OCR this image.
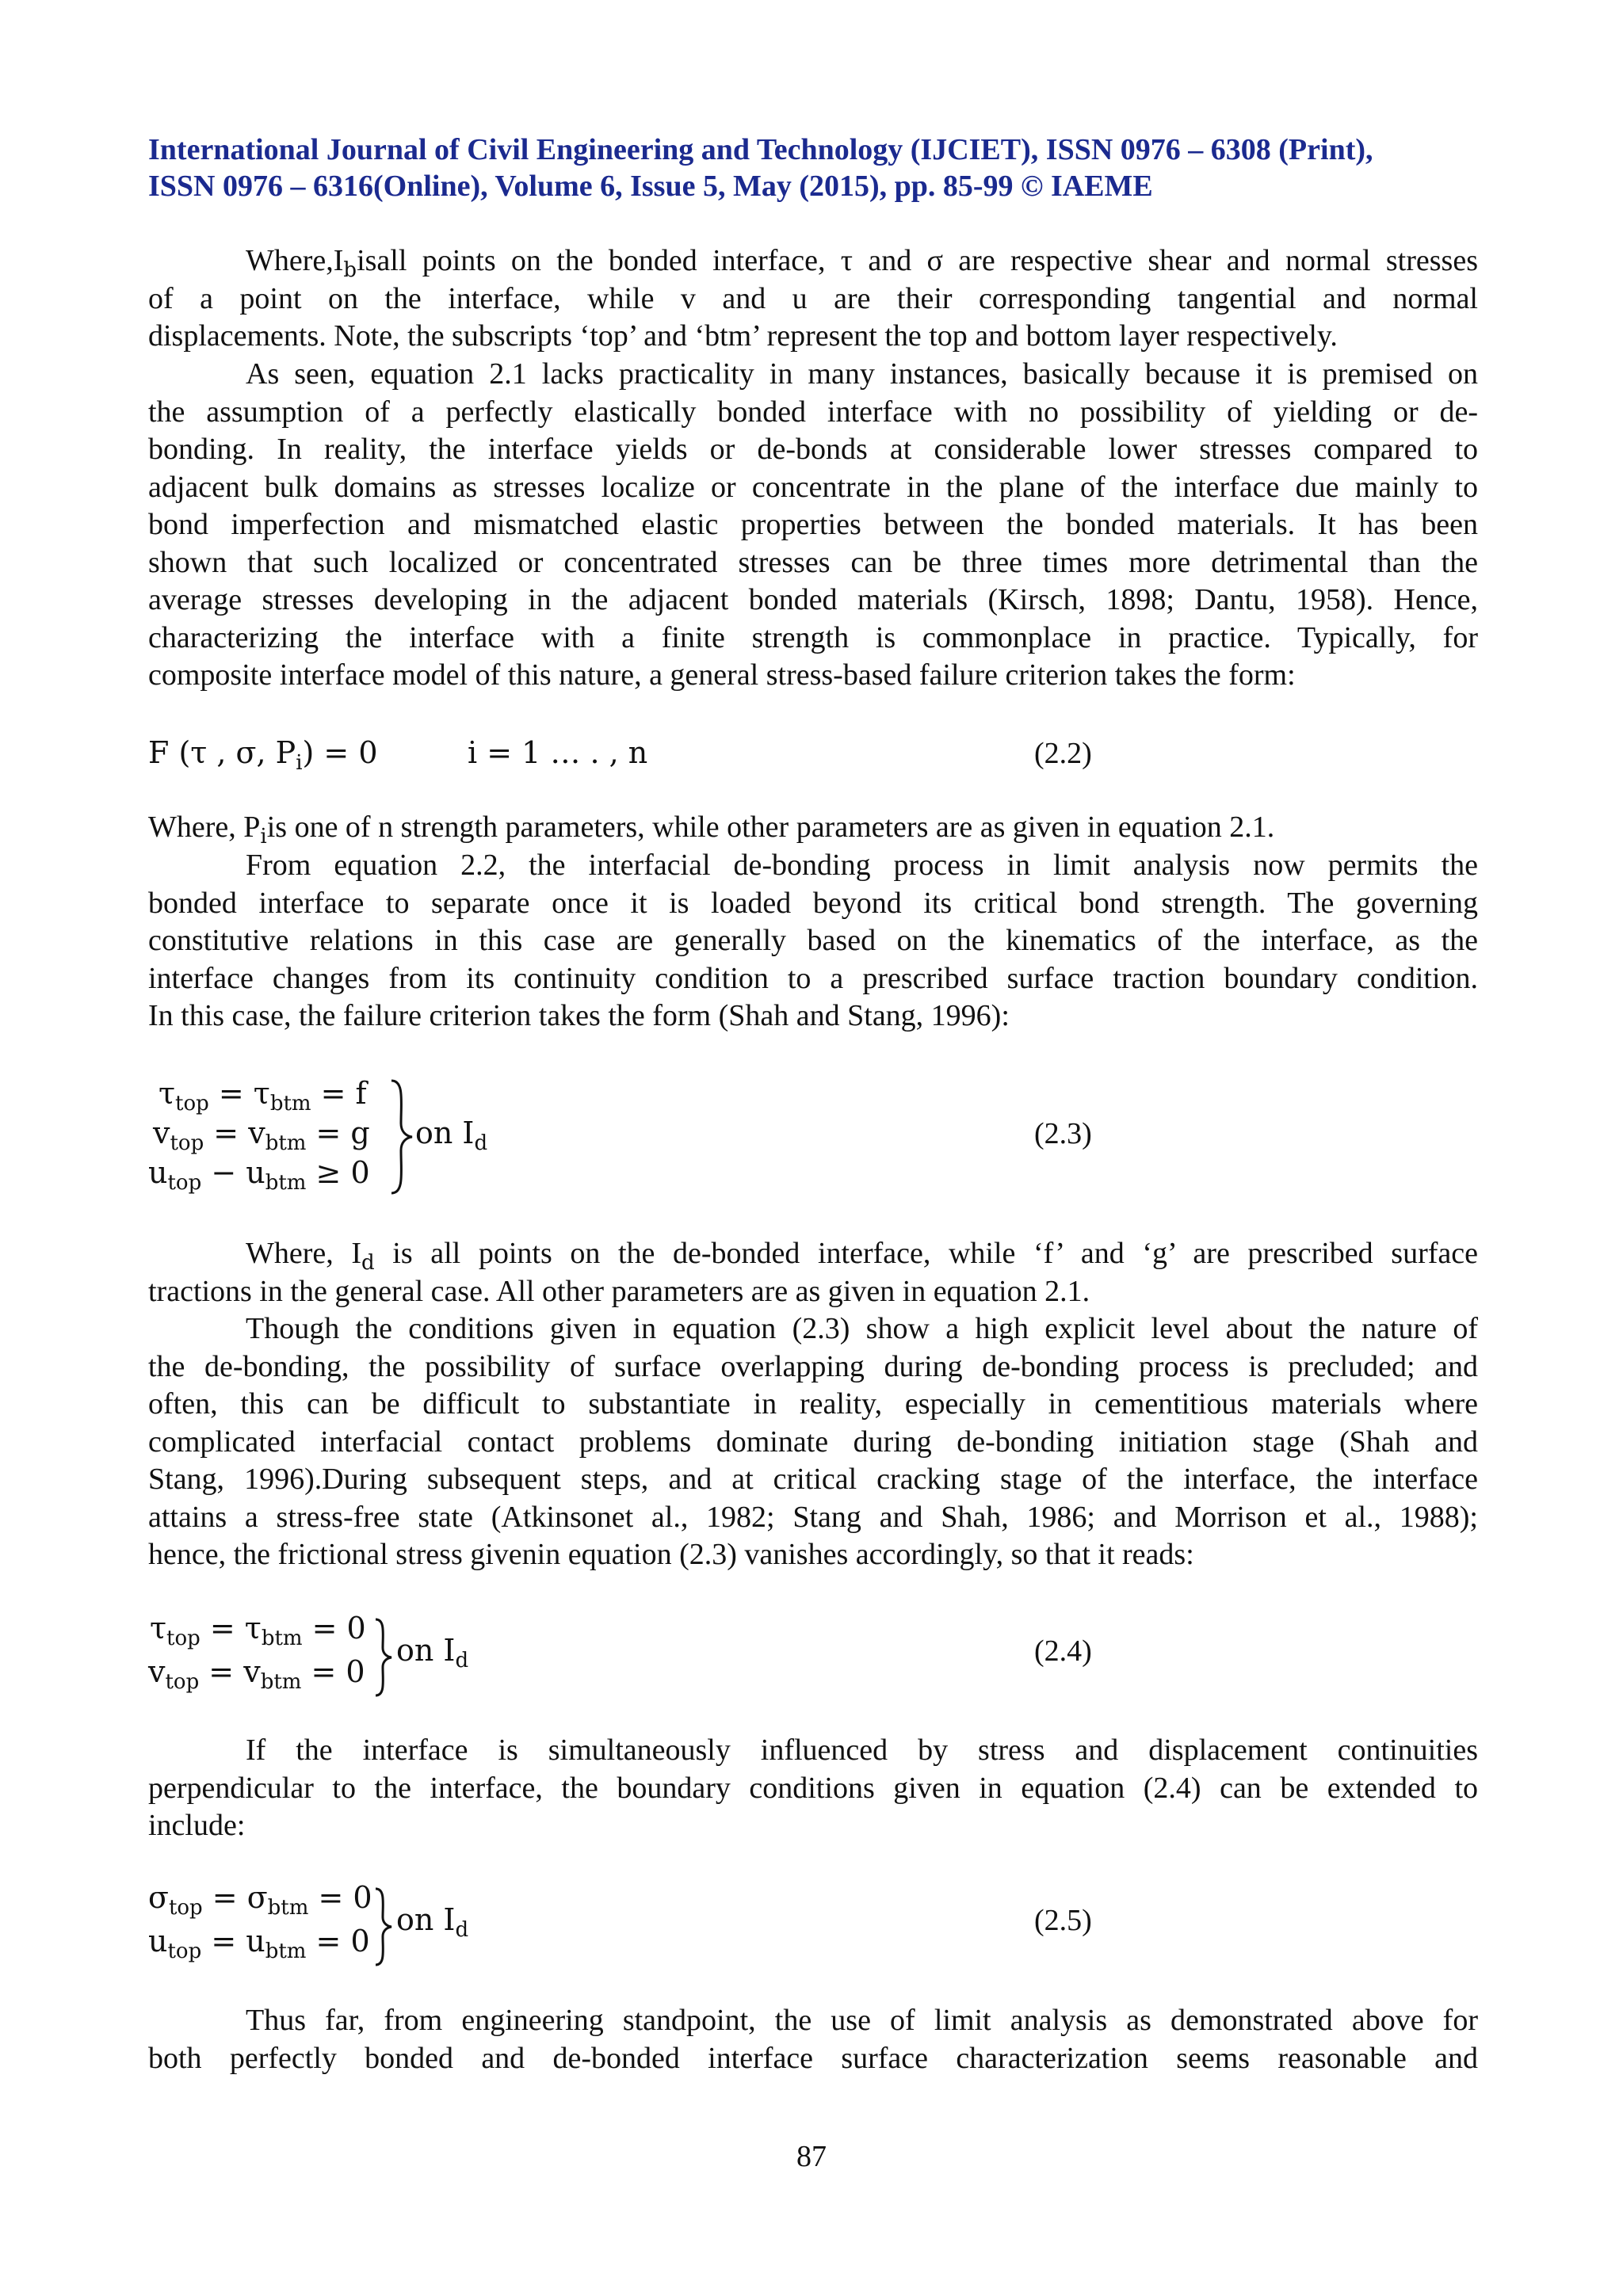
International Journal of Civil Engineering and Technology (IJCIET), ISSN 0976 – 6308 (Print),
ISSN 0976 – 6316(Online), Volume 6, Issue 5, May (2015), pp. 85-99 © IAEME
$Where,I_bisall$ points on the bonded interface, τ and σ are respective shear and normal stresses
of a point on the interface, while v and u are their corresponding tangential and normal
displacements. Note, the subscripts ‘top’ and ‘btm’ represent the top and bottom layer respectively.
As seen, equation 2.1 lacks practicality in many instances, basically because it is premised on
the assumption of a perfectly elastically bonded interface with no possibility of yielding or de-
bonding. In reality, the interface yields or de-bonds at considerable lower stresses compared to
adjacent bulk domains as stresses localize or concentrate in the plane of the interface due mainly to
bond imperfection and mismatched elastic properties between the bonded materials. It has been
shown that such localized or concentrated stresses can be three times more detrimental than the
average stresses developing in the adjacent bonded materials (Kirsch, 1898; Dantu, 1958). Hence,
characterizing the interface with a finite strength is commonplace in practice. Typically, for
composite interface model of this nature, a general stress-based failure criterion takes the form:
F (τ , σ, $P_i) = 0$	i = 1 … . , n	(2.2)
Where, $P_iis$ one of n strength parameters, while other parameters are as given in equation 2.1.
From equation 2.2, the interfacial de-bonding process in limit analysis now permits the
bonded interface to separate once it is loaded beyond its critical bond strength. The governing
constitutive relations in this case are generally based on the kinematics of the interface, as the
interface changes from its continuity condition to a prescribed surface traction boundary condition.
In this case, the failure criterion takes the form (Shah and Stang, 1996):
$\tau_{top} = \tau_{btm} = f$
$v_{top} = v_{btm} = g$
$u_{top} - u_{btm} \ge 0$
on $I_d$	(2.3)
Where, $I_d$ is all points on the de-bonded interface, while ‘f’ and ‘g’ are prescribed surface
tractions in the general case. All other parameters are as given in equation 2.1.
Though the conditions given in equation (2.3) show a high explicit level about the nature of
the de-bonding, the possibility of surface overlapping during de-bonding process is precluded; and
often, this can be difficult to substantiate in reality, especially in cementitious materials where
complicated interfacial contact problems dominate during de-bonding initiation stage (Shah and
Stang, 1996).During subsequent steps, and at critical cracking stage of the interface, the interface
attains a stress-free state (Atkinsonet al., 1982; Stang and Shah, 1986; and Morrison et al., 1988);
hence, the frictional stress givenin equation (2.3) vanishes accordingly, so that it reads:
$\tau_{top} = \tau_{btm} = 0$
$v_{top} = v_{btm} = 0$
on $I_d$	(2.4)
If the interface is simultaneously influenced by stress and displacement continuities
perpendicular to the interface, the boundary conditions given in equation (2.4) can be extended to
include:
$\sigma_{top} = \sigma_{btm} = 0$
$u_{top} = u_{btm} = 0$
on $I_d$	(2.5)
Thus far, from engineering standpoint, the use of limit analysis as demonstrated above for
both perfectly bonded and de-bonded interface surface characterization seems reasonable and
87
